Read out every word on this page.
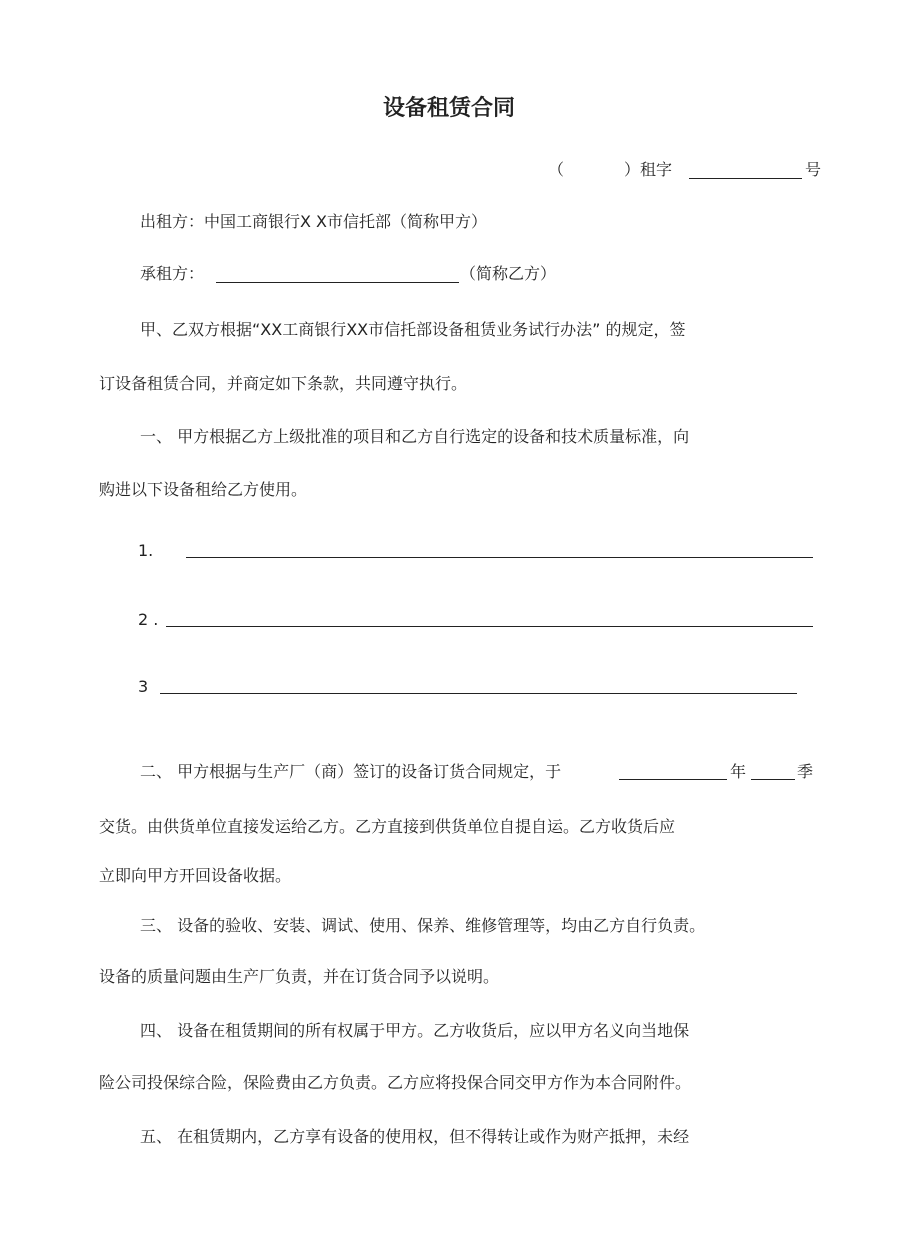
设备租赁合同
（	）租字	号
出租方：中国工商银行X X市信托部（简称甲方）
承租方：	（简称乙方）
甲、乙双方根据“XX工商银行XX市信托部设备租赁业务试行办法” 的规定，签
订设备租赁合同，并商定如下条款，共同遵守执行。
一、 甲方根据乙方上级批准的项目和乙方自行选定的设备和技术质量标准，向
购进以下设备租给乙方使用。
1.
2 .
3
二、 甲方根据与生产厂（商）签订的设备订货合同规定，于	年	季
交货。由供货单位直接发运给乙方。乙方直接到供货单位自提自运。乙方收货后应
立即向甲方开回设备收据。
三、 设备的验收、安装、调试、使用、保养、维修管理等，均由乙方自行负责。
设备的质量问题由生产厂负责，并在订货合同予以说明。
四、 设备在租赁期间的所有权属于甲方。乙方收货后，应以甲方名义向当地保
险公司投保综合险，保险费由乙方负责。乙方应将投保合同交甲方作为本合同附件。
五、 在租赁期内，乙方享有设备的使用权，但不得转让或作为财产抵押，未经
